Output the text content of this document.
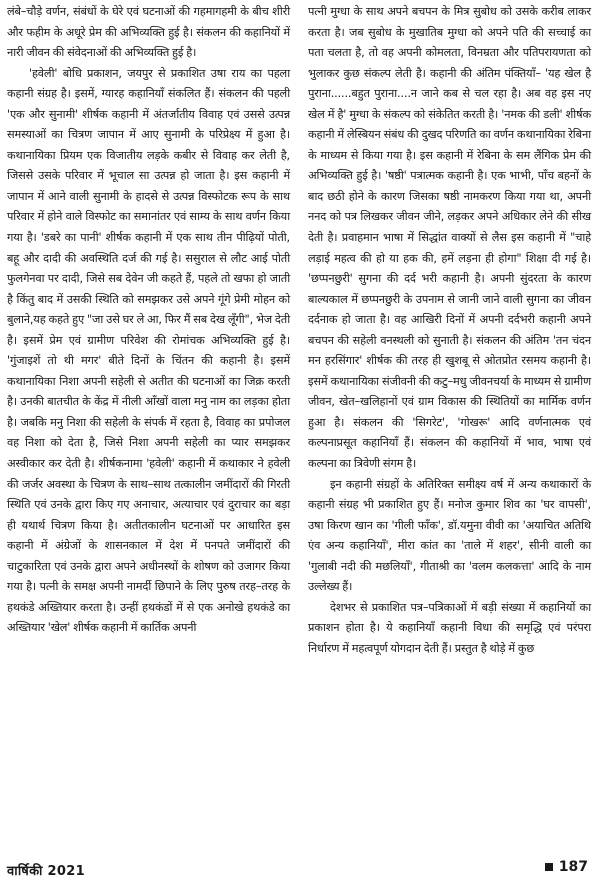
लंबे–चौड़े वर्णन, संबंधों के घेरे एवं घटनाओं की गहमागहमी के बीच शीरी और फहीम के अधूरे प्रेम की अभिव्यक्ति हुई है। संकलन की कहानियों में नारी जीवन की संवेदनाओं की अभिव्यक्ति हुई है।

'हवेली' बोधि प्रकाशन, जयपुर से प्रकाशित उषा राय का पहला कहानी संग्रह है। इसमें, ग्यारह कहानियाँ संकलित हैं। संकलन की पहली 'एक और सुनामी' शीर्षक कहानी में अंतर्जातीय विवाह एवं उससे उत्पन्न समस्याओं का चित्रण जापान में आए सुनामी के परिप्रेक्ष्य में हुआ है। कथानायिका प्रियम एक विजातीय लड़के कबीर से विवाह कर लेती है, जिससे उसके परिवार में भूचाल सा उत्पन्न हो जाता है। इस कहानी में जापान में आने वाली सुनामी के हादसे से उत्पन्न विस्फोटक रूप के साथ परिवार में होने वाले विस्फोट का समानांतर एवं साम्य के साथ वर्णन किया गया है। 'डबरे का पानी' शीर्षक कहानी में एक साथ तीन पीढ़ियों पोती, बहू और दादी की अवस्थिति दर्ज की गई है। ससुराल से लौट आई पोती फुलगेनवा पर दादी, जिसे सब देवेन जी कहते हैं, पहले तो खफा हो जाती है किंतु बाद में उसकी स्थिति को समझकर उसे अपने गूंगे प्रेमी मोहन को बुलाने,यह कहते हुए "जा उसे घर ले आ, फिर मैं सब देख लूँगी", भेज देती है। इसमें प्रेम एवं ग्रामीण परिवेश की रोमांचक अभिव्यक्ति हुई है। 'गुंजाइशें तो थी मगर' बीते दिनों के चिंतन की कहानी है। इसमें कथानायिका निशा अपनी सहेली से अतीत की घटनाओं का जिक्र करती है। उनकी बातचीत के केंद्र में नीली आँखों वाला मनु नाम का लड़का होता है। जबकि मनु निशा की सहेली के संपर्क में रहता है, विवाह का प्रपोजल वह निशा को देता है, जिसे निशा अपनी सहेली का प्यार समझकर अस्वीकार कर देती है। शीर्षकनामा 'हवेली' कहानी में कथाकार ने हवेली की जर्जर अवस्था के चित्रण के साथ–साथ तत्कालीन जमींदारों की गिरती स्थिति एवं उनके द्वारा किए गए अनाचार, अत्याचार एवं दुराचार का बड़ा ही यथार्थ चित्रण किया है। अतीतकालीन घटनाओं पर आधारित इस कहानी में अंग्रेजों के शासनकाल में देश में पनपते जमींदारों की चाटुकारिता एवं उनके द्वारा अपने अधीनस्थों के शोषण को उजागर किया गया है। पत्नी के समक्ष अपनी नामर्दी छिपाने के लिए पुरुष तरह–तरह के हथकंडे अख्तियार करता है। उन्हीं हथकंडों में से एक अनोखे हथकंडे का अख्तियार 'खेल' शीर्षक कहानी में कार्तिक अपनी

पत्नी मुग्धा के साथ अपने बचपन के मित्र सुबोध को उसके करीब लाकर करता है। जब सुबोध के मुखातिब मुग्धा को अपने पति की सच्चाई का पता चलता है, तो वह अपनी कोमलता, विनम्रता और पतिपरायणता को भुलाकर कुछ संकल्प लेती है। कहानी की अंतिम पंक्तियाँ– 'यह खेल है पुराना......बहुत पुराना....न जाने कब से चल रहा है। अब वह इस नए खेल में है' मुग्धा के संकल्प को संकेतित करती है। 'नमक की डली' शीर्षक कहानी में लेस्बियन संबंध की दुखद परिणति का वर्णन कथानायिका रेबिना के माध्यम से किया गया है। इस कहानी में रेबिना के सम लैंगिक प्रेम की अभिव्यक्ति हुई है। 'षष्ठी' पत्रात्मक कहानी है। एक भाभी, पाँच बहनों के बाद छठी होने के कारण जिसका षष्ठी नामकरण किया गया था, अपनी ननद को पत्र लिखकर जीवन जीने, लड़कर अपने अधिकार लेने की सीख देती है। प्रवाहमान भाषा में सिद्धांत वाक्यों से लैस इस कहानी में "चाहे लड़ाई महत्व की हो या हक की, हमें लड़ना ही होगा" शिक्षा दी गई है। 'छप्पनछुरी' सुगना की दर्द भरी कहानी है। अपनी सुंदरता के कारण बाल्यकाल में छप्पनछुरी के उपनाम से जानी जाने वाली सुगना का जीवन दर्दनाक हो जाता है। वह आखिरी दिनों में अपनी दर्दभरी कहानी अपने बचपन की सहेली वनस्थली को सुनाती है। संकलन की अंतिम 'तन चंदन मन हरसिंगार' शीर्षक की तरह ही खुशबू से ओतप्रोत रसमय कहानी है। इसमें कथानायिका संजीवनी की कटु–मधु जीवनचर्या के माध्यम से ग्रामीण जीवन, खेत–खलिहानों एवं ग्राम विकास की स्थितियों का मार्मिक वर्णन हुआ है। संकलन की 'सिगरेट', 'गोखरू' आदि वर्णनात्मक एवं कल्पनाप्रसूत कहानियाँ हैं। संकलन की कहानियों में भाव, भाषा एवं कल्पना का त्रिवेणी संगम है।

इन कहानी संग्रहों के अतिरिक्त समीक्ष्य वर्ष में अन्य कथाकारों के कहानी संग्रह भी प्रकाशित हुए हैं। मनोज कुमार शिव का 'घर वापसी', उषा किरण खान का 'गीली फाँक', डॉ.यमुना वीवी का 'अयाचित अतिथि एंव अन्य कहानियाँ', मीरा कांत का 'ताले में शहर', सीनी वाली का 'गुलाबी नदी की मछलियाँ', गीताश्री का 'वलम कलकत्ता' आदि के नाम उल्लेख्य हैं।

देशभर से प्रकाशित पत्र–पत्रिकाओं में बड़ी संख्या में कहानियों का प्रकाशन होता है। ये कहानियाँ कहानी विधा की समृद्धि एवं परंपरा निर्धारण में महत्वपूर्ण योगदान देती हैं। प्रस्तुत है थोड़े में कुछ

वार्षिकी 2021	187
